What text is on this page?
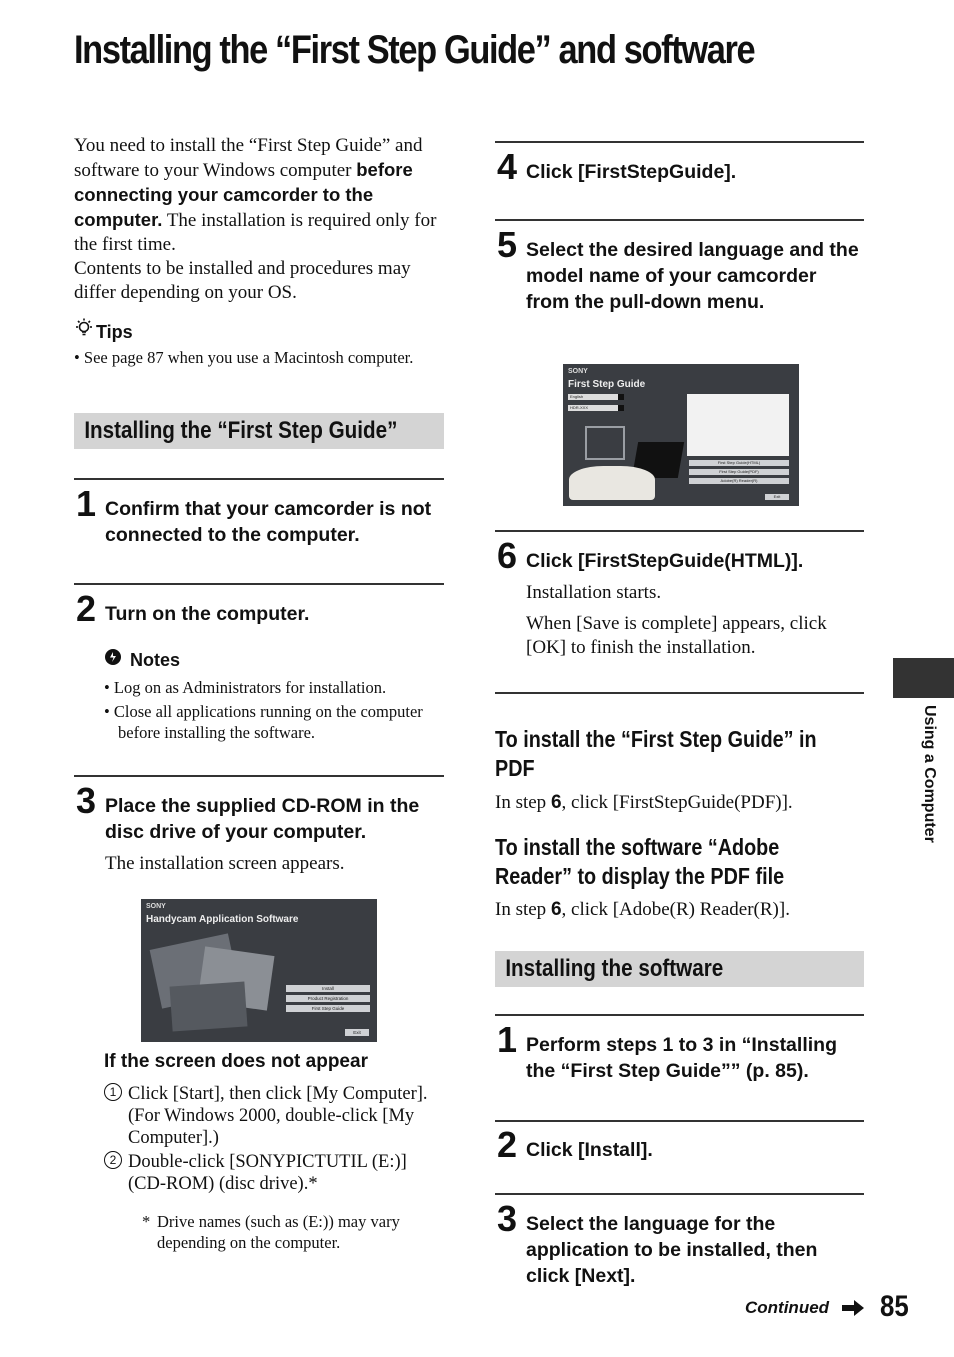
Installing the “First Step Guide” and software
You need to install the “First Step Guide” and software to your Windows computer before connecting your camcorder to the computer. The installation is required only for the first time.
Contents to be installed and procedures may differ depending on your OS.
Tips
• See page 87 when you use a Macintosh computer.
Installing the “First Step Guide”
1 Confirm that your camcorder is not connected to the computer.
2 Turn on the computer.
Notes
• Log on as Administrators for installation.
• Close all applications running on the computer before installing the software.
3 Place the supplied CD-ROM in the disc drive of your computer.
The installation screen appears.
SONY
Handycam Application Software
Install
Product Registration
First Step Guide
Exit
If the screen does not appear
1 Click [Start], then click [My Computer]. (For Windows 2000, double-click [My Computer].)
2 Double-click [SONYPICTUTIL (E:)] (CD-ROM) (disc drive).*
* Drive names (such as (E:)) may vary depending on the computer.
4 Click [FirstStepGuide].
5 Select the desired language and the model name of your camcorder from the pull-down menu.
SONY
First Step Guide
English
HDR-XXX
First Step Guide(HTML)
First Step Guide(PDF)
Adobe(R) Reader(R)
Exit
6 Click [FirstStepGuide(HTML)].
Installation starts.
When [Save is complete] appears, click [OK] to finish the installation.
To install the “First Step Guide” in
PDF
In step 6, click [FirstStepGuide(PDF)].
To install the software “Adobe
Reader” to display the PDF file
In step 6, click [Adobe(R) Reader(R)].
Installing the software
1 Perform steps 1 to 3 in “Installing the “First Step Guide”” (p. 85).
2 Click [Install].
3 Select the language for the application to be installed, then click [Next].
Continued 85
Using a Computer
